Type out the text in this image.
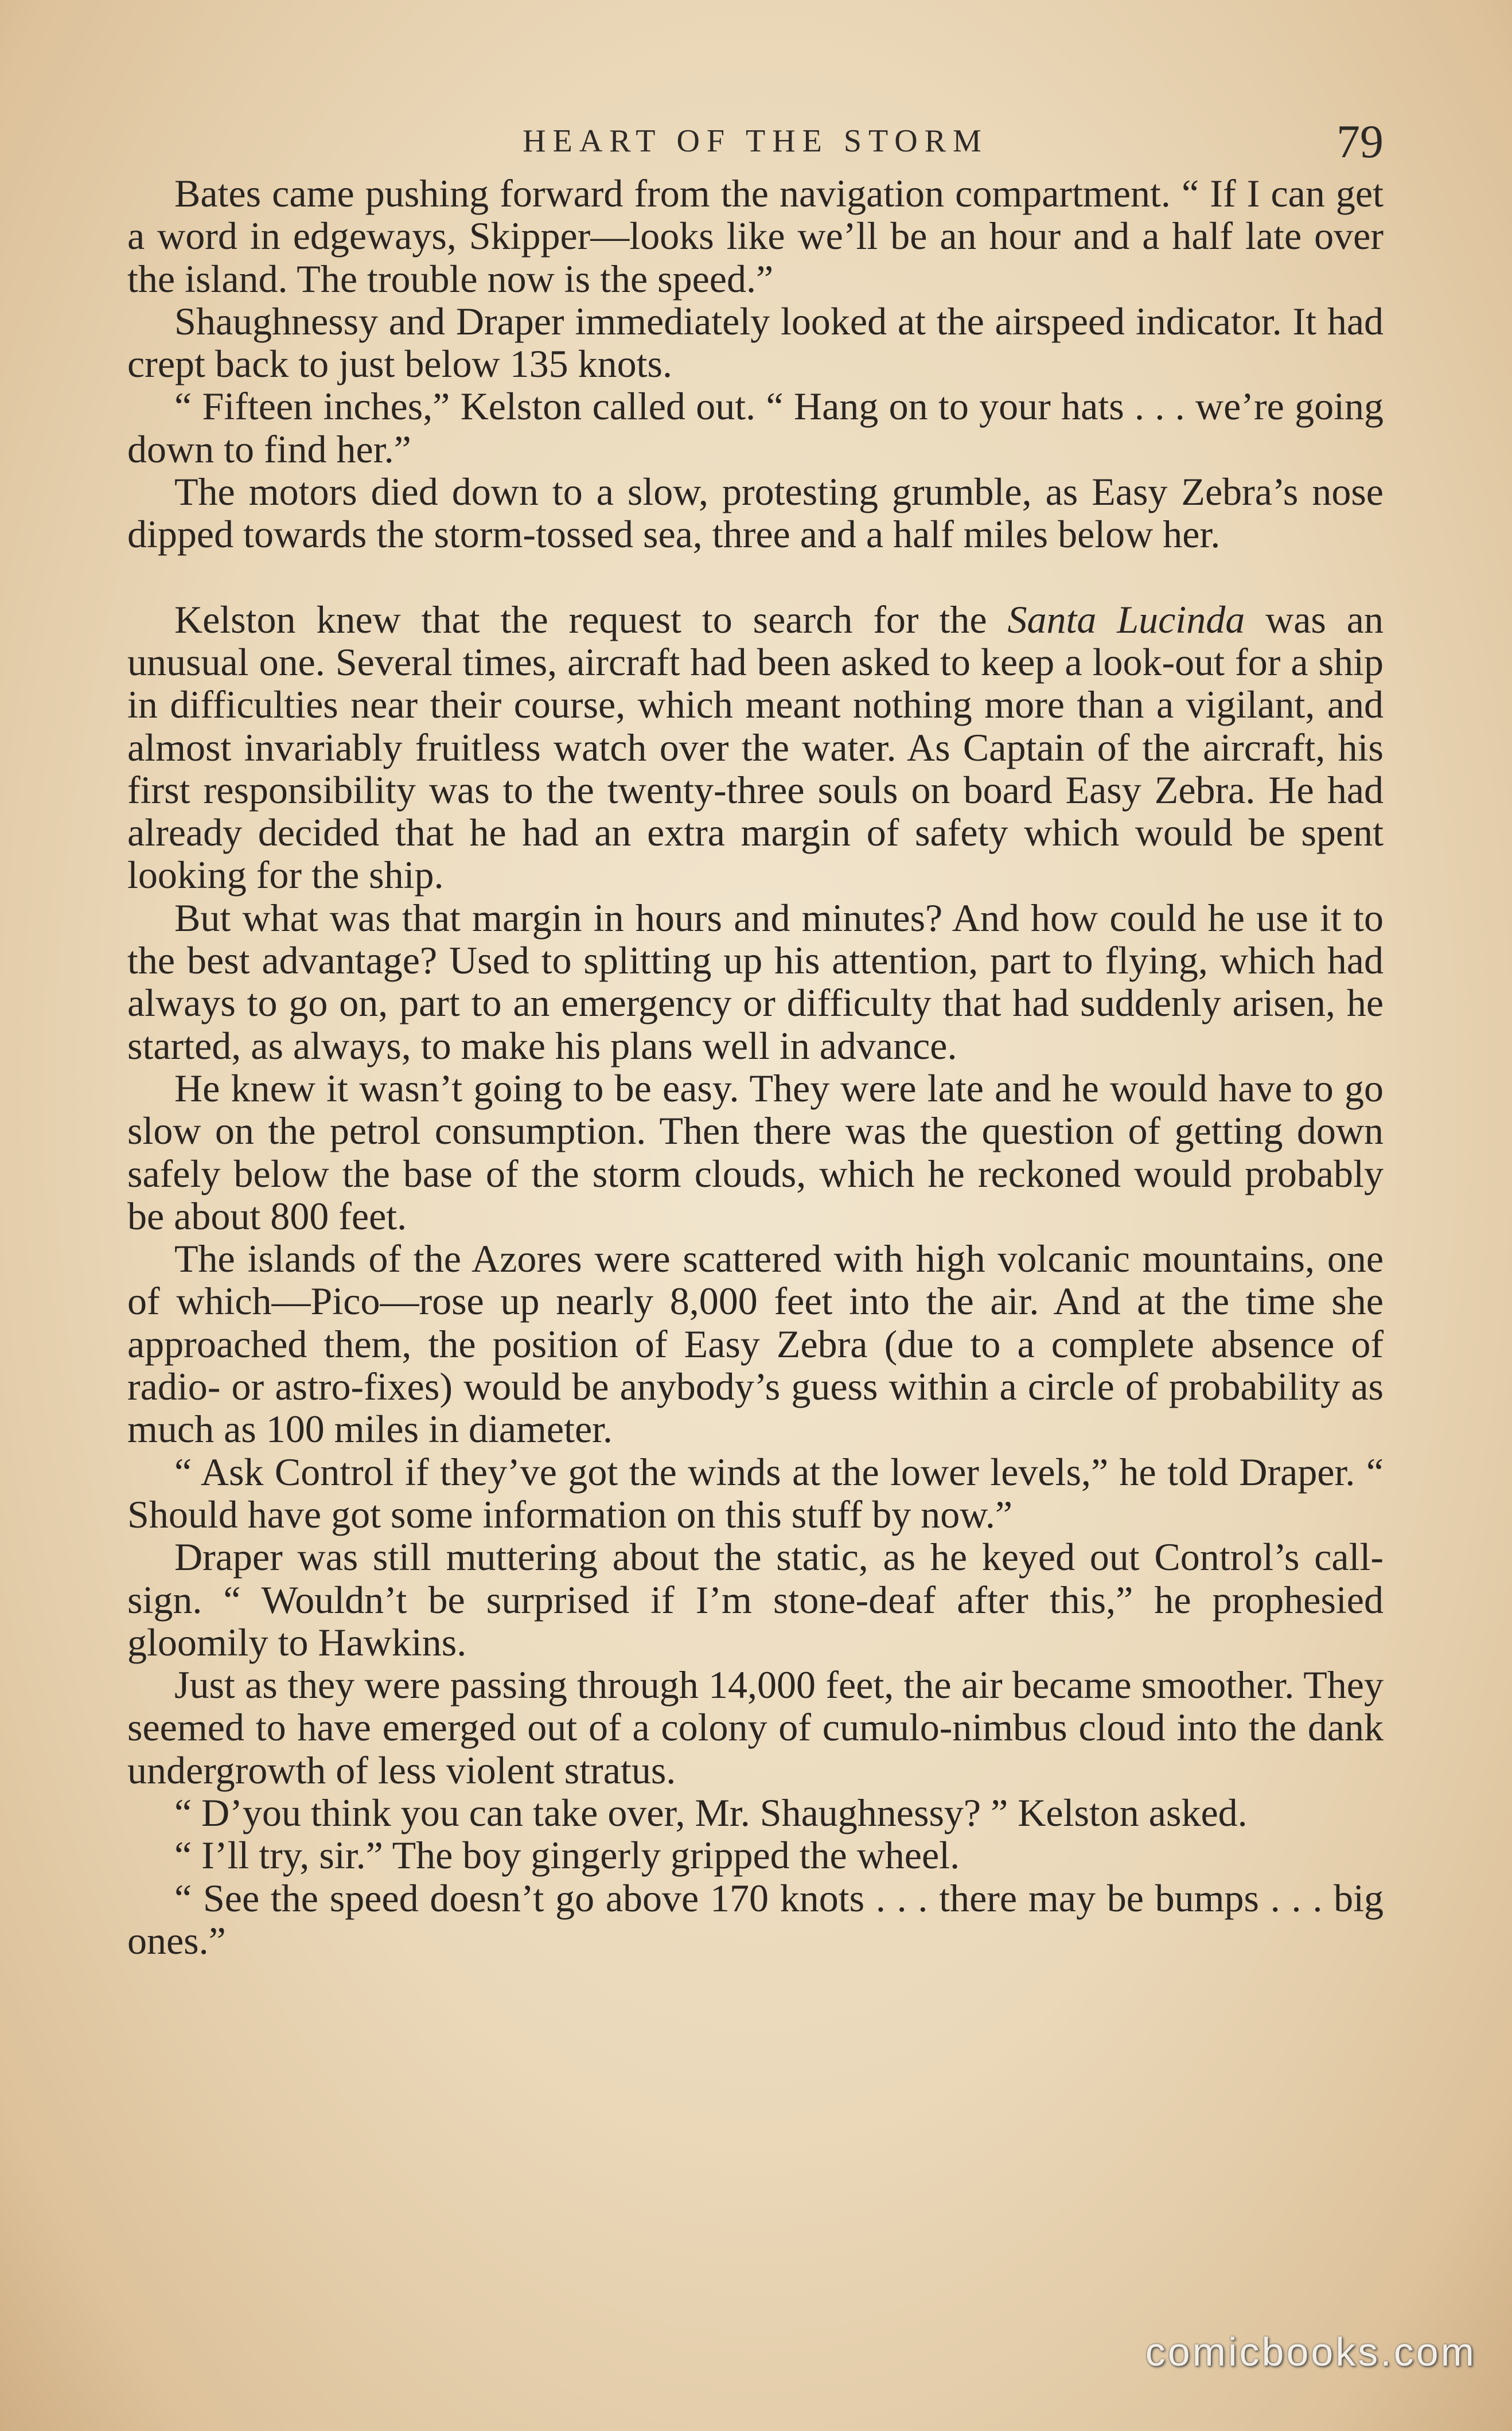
HEART OF THE STORM	79

Bates came pushing forward from the navigation compartment. “ If I can get a word in edgeways, Skipper—looks like we’ll be an hour and a half late over the island. The trouble now is the speed.”

Shaughnessy and Draper immediately looked at the airspeed indicator. It had crept back to just below 135 knots.

“ Fifteen inches,” Kelston called out. “ Hang on to your hats . . . we’re going down to find her.”

The motors died down to a slow, protesting grumble, as Easy Zebra’s nose dipped towards the storm-tossed sea, three and a half miles below her.

Kelston knew that the request to search for the Santa Lucinda was an unusual one. Several times, aircraft had been asked to keep a look-out for a ship in difficulties near their course, which meant nothing more than a vigilant, and almost invariably fruitless watch over the water. As Captain of the aircraft, his first responsibility was to the twenty-three souls on board Easy Zebra. He had already decided that he had an extra margin of safety which would be spent looking for the ship.

But what was that margin in hours and minutes? And how could he use it to the best advantage? Used to splitting up his attention, part to flying, which had always to go on, part to an emergency or difficulty that had suddenly arisen, he started, as always, to make his plans well in advance.

He knew it wasn’t going to be easy. They were late and he would have to go slow on the petrol consumption. Then there was the question of getting down safely below the base of the storm clouds, which he reckoned would probably be about 800 feet.

The islands of the Azores were scattered with high volcanic mountains, one of which—Pico—rose up nearly 8,000 feet into the air. And at the time she approached them, the position of Easy Zebra (due to a complete absence of radio- or astro-fixes) would be anybody’s guess within a circle of probability as much as 100 miles in diameter.

“ Ask Control if they’ve got the winds at the lower levels,” he told Draper. “ Should have got some information on this stuff by now.”

Draper was still muttering about the static, as he keyed out Control’s call-sign. “ Wouldn’t be surprised if I’m stone-deaf after this,” he prophesied gloomily to Hawkins.

Just as they were passing through 14,000 feet, the air became smoother. They seemed to have emerged out of a colony of cumulo-nimbus cloud into the dank undergrowth of less violent stratus.

“ D’you think you can take over, Mr. Shaughnessy? ” Kelston asked.

“ I’ll try, sir.” The boy gingerly gripped the wheel.

“ See the speed doesn’t go above 170 knots . . . there may be bumps . . . big ones.”

comicbooks.com
